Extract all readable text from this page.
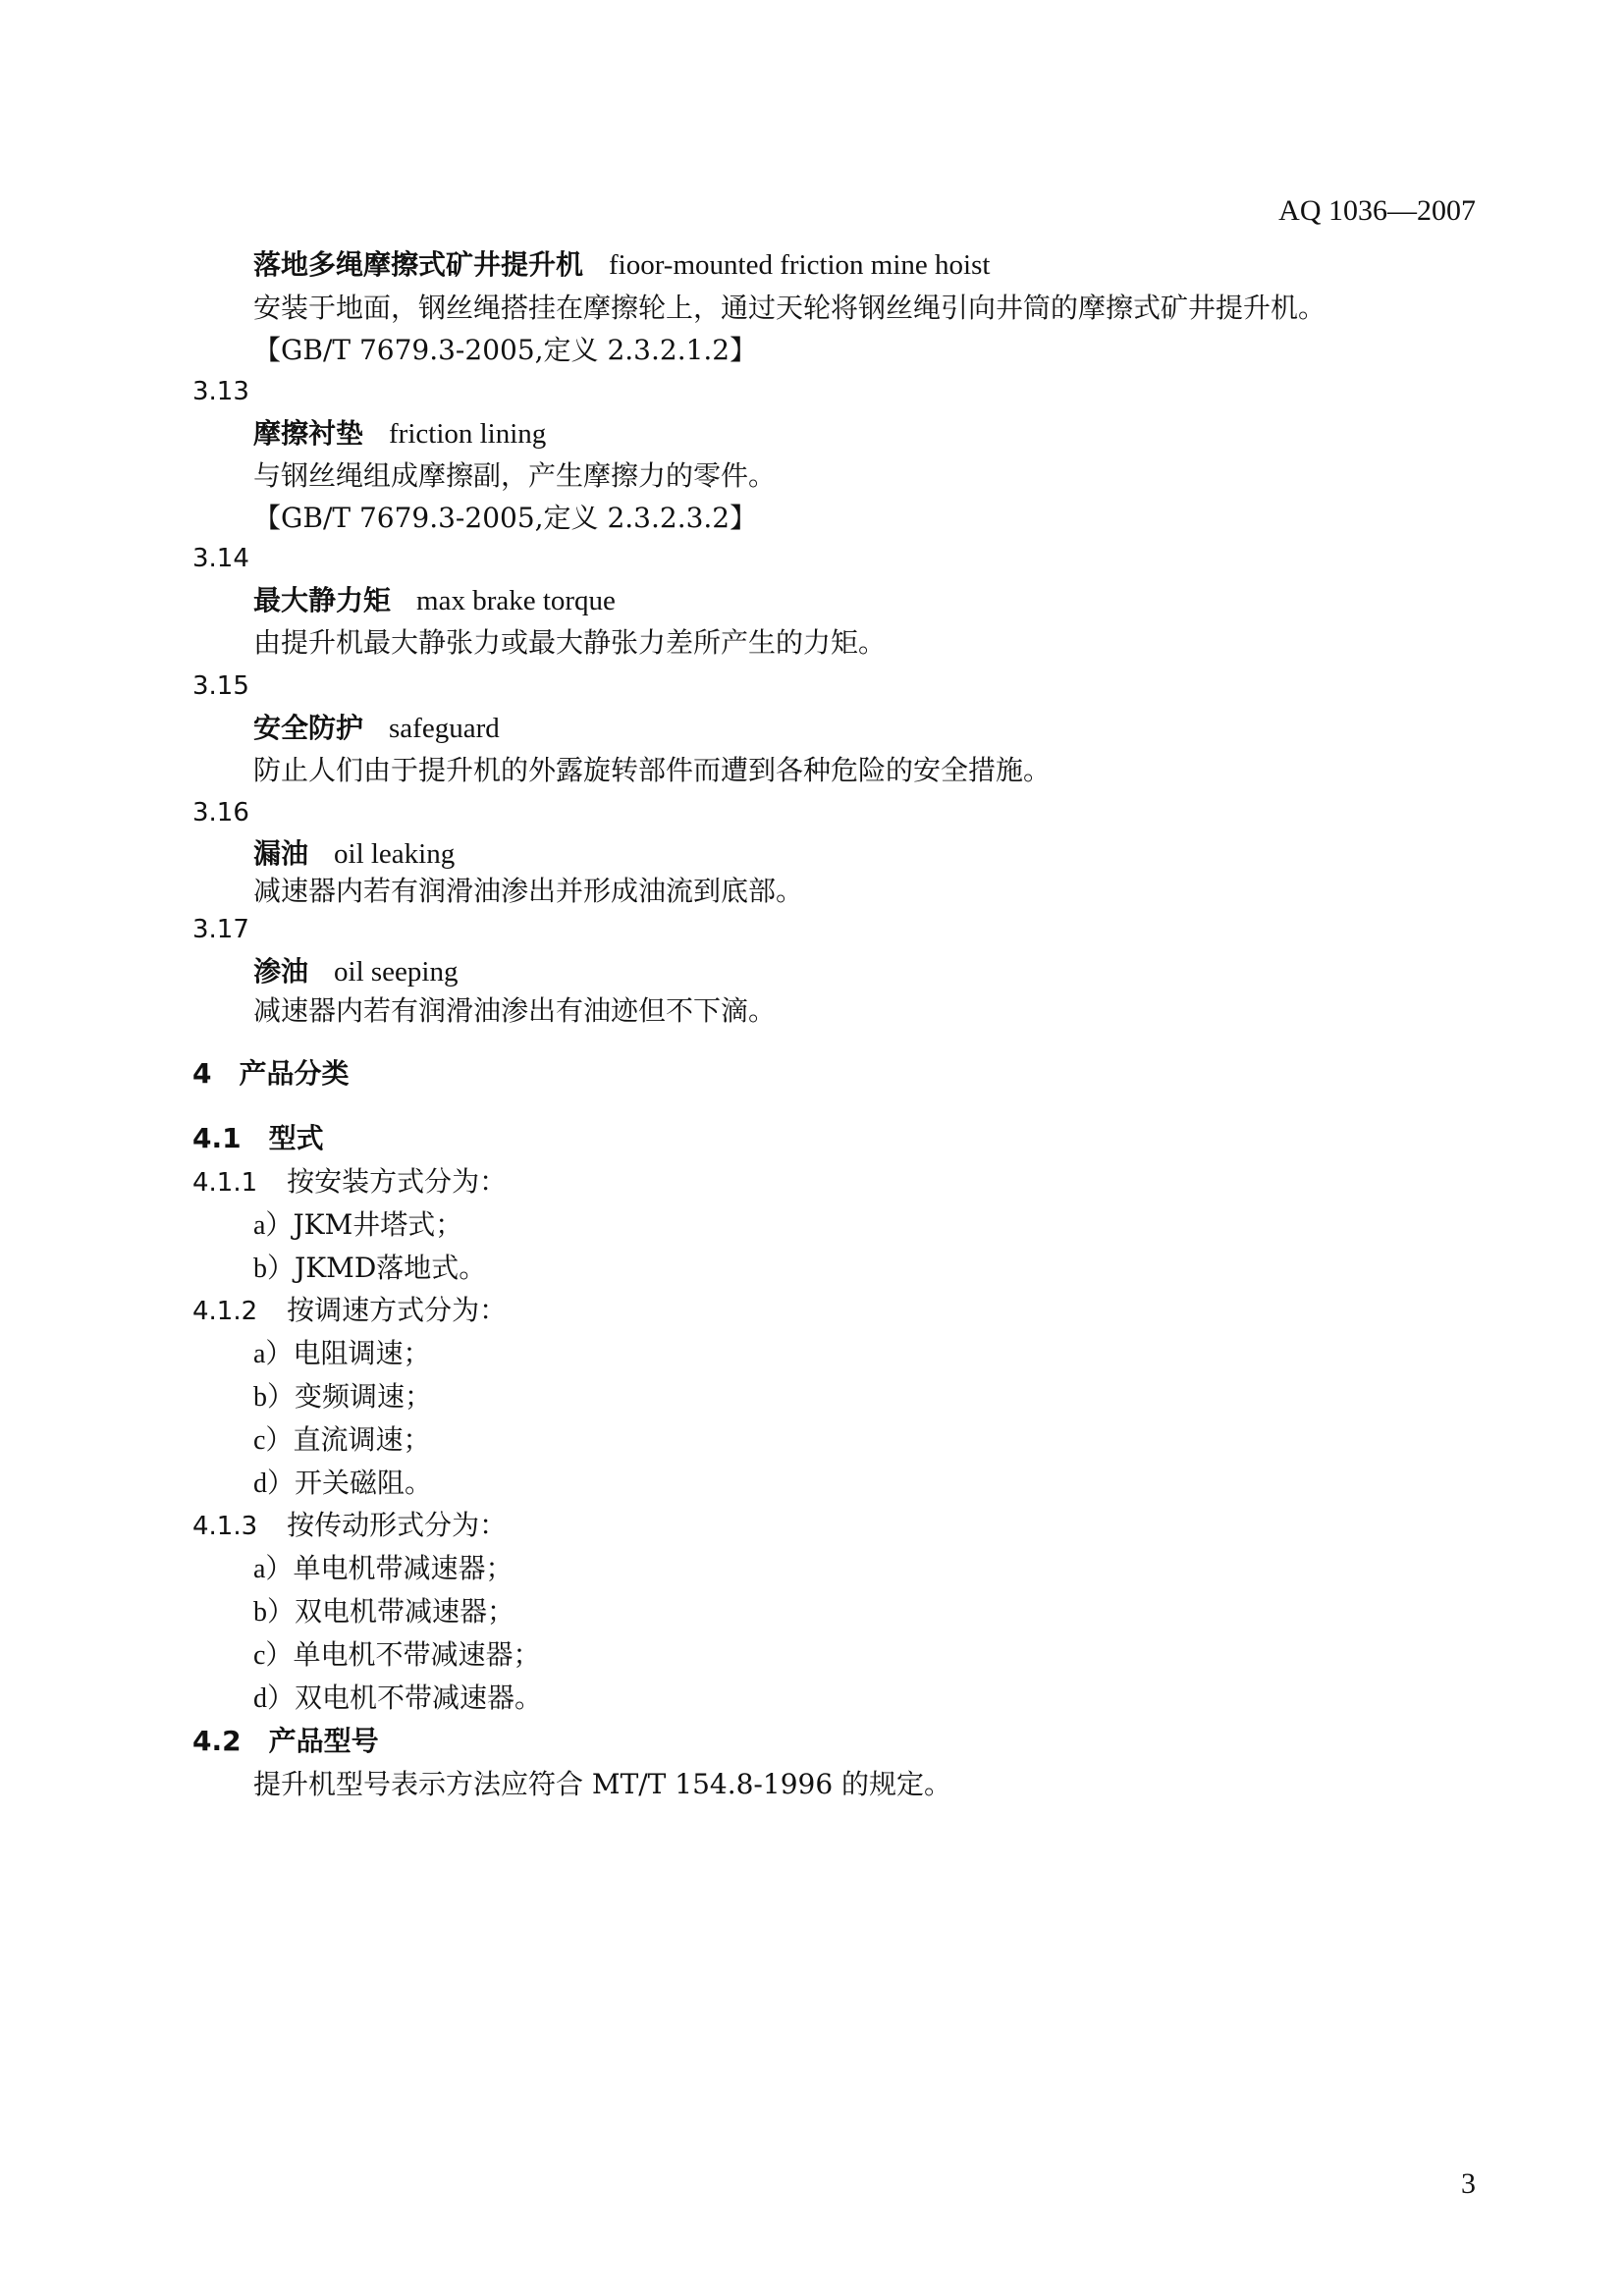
AQ 1036—2007
落地多绳摩擦式矿井提升机 fioor-mounted friction mine hoist
安装于地面，钢丝绳搭挂在摩擦轮上，通过天轮将钢丝绳引向井筒的摩擦式矿井提升机。
【GB/T 7679.3-2005,定义 2.3.2.1.2】
3.13
摩擦衬垫 friction lining
与钢丝绳组成摩擦副，产生摩擦力的零件。
【GB/T 7679.3-2005,定义 2.3.2.3.2】
3.14
最大静力矩 max brake torque
由提升机最大静张力或最大静张力差所产生的力矩。
3.15
安全防护 safeguard
防止人们由于提升机的外露旋转部件而遭到各种危险的安全措施。
3.16
漏油 oil leaking
减速器内若有润滑油渗出并形成油流到底部。
3.17
渗油 oil seeping
减速器内若有润滑油渗出有油迹但不下滴。
4 产品分类
4.1 型式
4.1.1 按安装方式分为：
a）JKM井塔式；
b）JKMD落地式。
4.1.2 按调速方式分为：
a）电阻调速；
b）变频调速；
c）直流调速；
d）开关磁阻。
4.1.3 按传动形式分为：
a）单电机带减速器；
b）双电机带减速器；
c）单电机不带减速器；
d）双电机不带减速器。
4.2 产品型号
提升机型号表示方法应符合 MT/T 154.8-1996 的规定。
3
